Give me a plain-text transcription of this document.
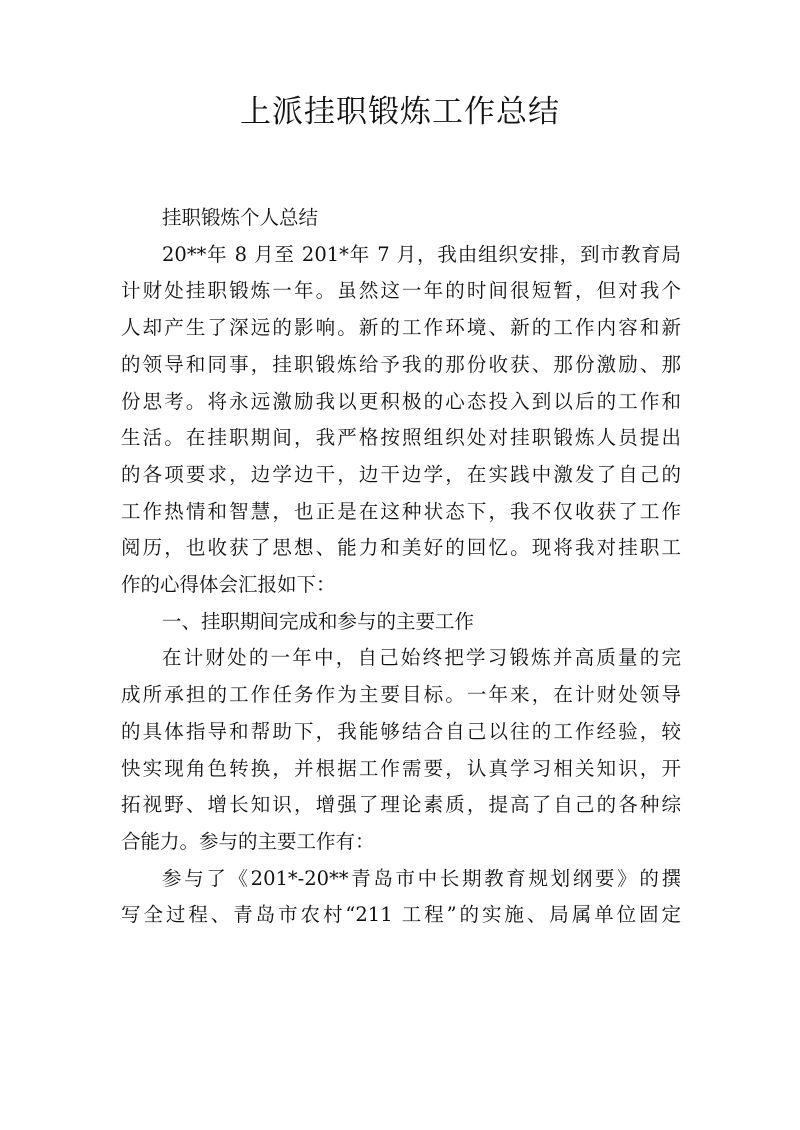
上派挂职锻炼工作总结
挂职锻炼个人总结
20**年 8 月至 201*年 7 月，我由组织安排，到市教育局
计财处挂职锻炼一年。虽然这一年的时间很短暂，但对我个
人却产生了深远的影响。新的工作环境、新的工作内容和新
的领导和同事，挂职锻炼给予我的那份收获、那份激励、那
份思考。将永远激励我以更积极的心态投入到以后的工作和
生活。在挂职期间，我严格按照组织处对挂职锻炼人员提出
的各项要求，边学边干，边干边学，在实践中激发了自己的
工作热情和智慧，也正是在这种状态下，我不仅收获了工作
阅历，也收获了思想、能力和美好的回忆。现将我对挂职工
作的心得体会汇报如下：
一、挂职期间完成和参与的主要工作
在计财处的一年中，自己始终把学习锻炼并高质量的完
成所承担的工作任务作为主要目标。一年来，在计财处领导
的具体指导和帮助下，我能够结合自己以往的工作经验，较
快实现角色转换，并根据工作需要，认真学习相关知识，开
拓视野、增长知识，增强了理论素质，提高了自己的各种综
合能力。参与的主要工作有：
参与了《201*-20**青岛市中长期教育规划纲要》的撰
写全过程、青岛市农村“211 工程”的实施、局属单位固定
